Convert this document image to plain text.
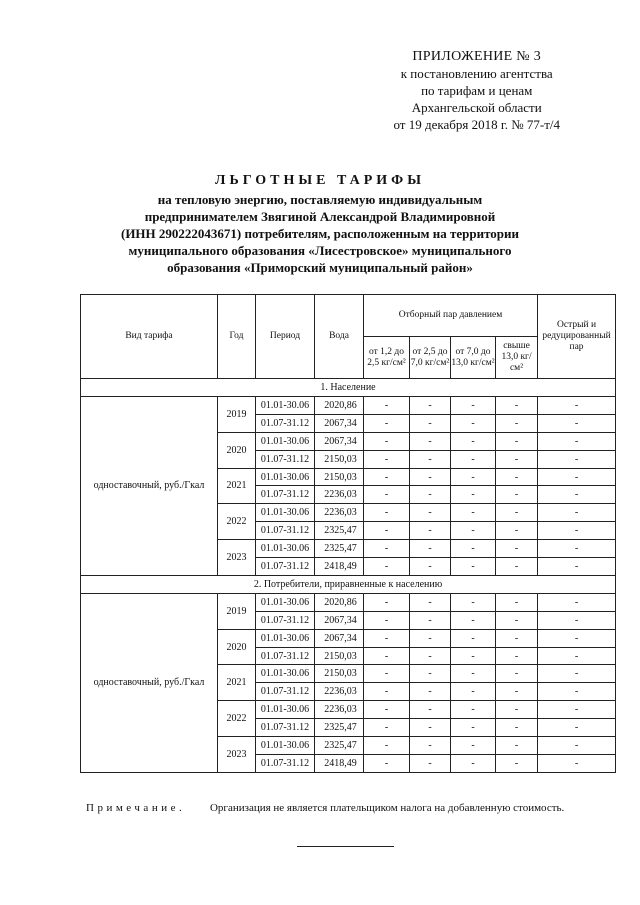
ПРИЛОЖЕНИЕ № 3
к постановлению агентства
по тарифам и ценам
Архангельской области
от 19 декабря 2018 г. № 77-т/4
ЛЬГОТНЫЕ ТАРИФЫ
на тепловую энергию, поставляемую индивидуальным
предпринимателем Звягиной Александрой Владимировной
(ИНН 290222043671) потребителям, расположенным на территории
муниципального образования «Лисестровское» муниципального
образования «Приморский муниципальный район»
Вид тарифа	Год	Период	Вода	Отборный пар давлением				Острый и редуцированный пар
				от 1,2 до 2,5 кг/см²	от 2,5 до 7,0 кг/см²	от 7,0 до 13,0 кг/см²	свыше 13,0 кг/см²	
1. Население								
одноставочный, руб./Гкал	2019	01.01-30.06	2020,86	-	-	-	-	-
		01.07-31.12	2067,34	-	-	-	-	-
	2020	01.01-30.06	2067,34	-	-	-	-	-
		01.07-31.12	2150,03	-	-	-	-	-
	2021	01.01-30.06	2150,03	-	-	-	-	-
		01.07-31.12	2236,03	-	-	-	-	-
	2022	01.01-30.06	2236,03	-	-	-	-	-
		01.07-31.12	2325,47	-	-	-	-	-
	2023	01.01-30.06	2325,47	-	-	-	-	-
		01.07-31.12	2418,49	-	-	-	-	-
2. Потребители, приравненные к населению								
одноставочный, руб./Гкал	2019	01.01-30.06	2020,86	-	-	-	-	-
		01.07-31.12	2067,34	-	-	-	-	-
	2020	01.01-30.06	2067,34	-	-	-	-	-
		01.07-31.12	2150,03	-	-	-	-	-
	2021	01.01-30.06	2150,03	-	-	-	-	-
		01.07-31.12	2236,03	-	-	-	-	-
	2022	01.01-30.06	2236,03	-	-	-	-	-
		01.07-31.12	2325,47	-	-	-	-	-
	2023	01.01-30.06	2325,47	-	-	-	-	-
		01.07-31.12	2418,49	-	-	-	-	-
Примечание. Организация не является плательщиком налога на добавленную стоимость.
